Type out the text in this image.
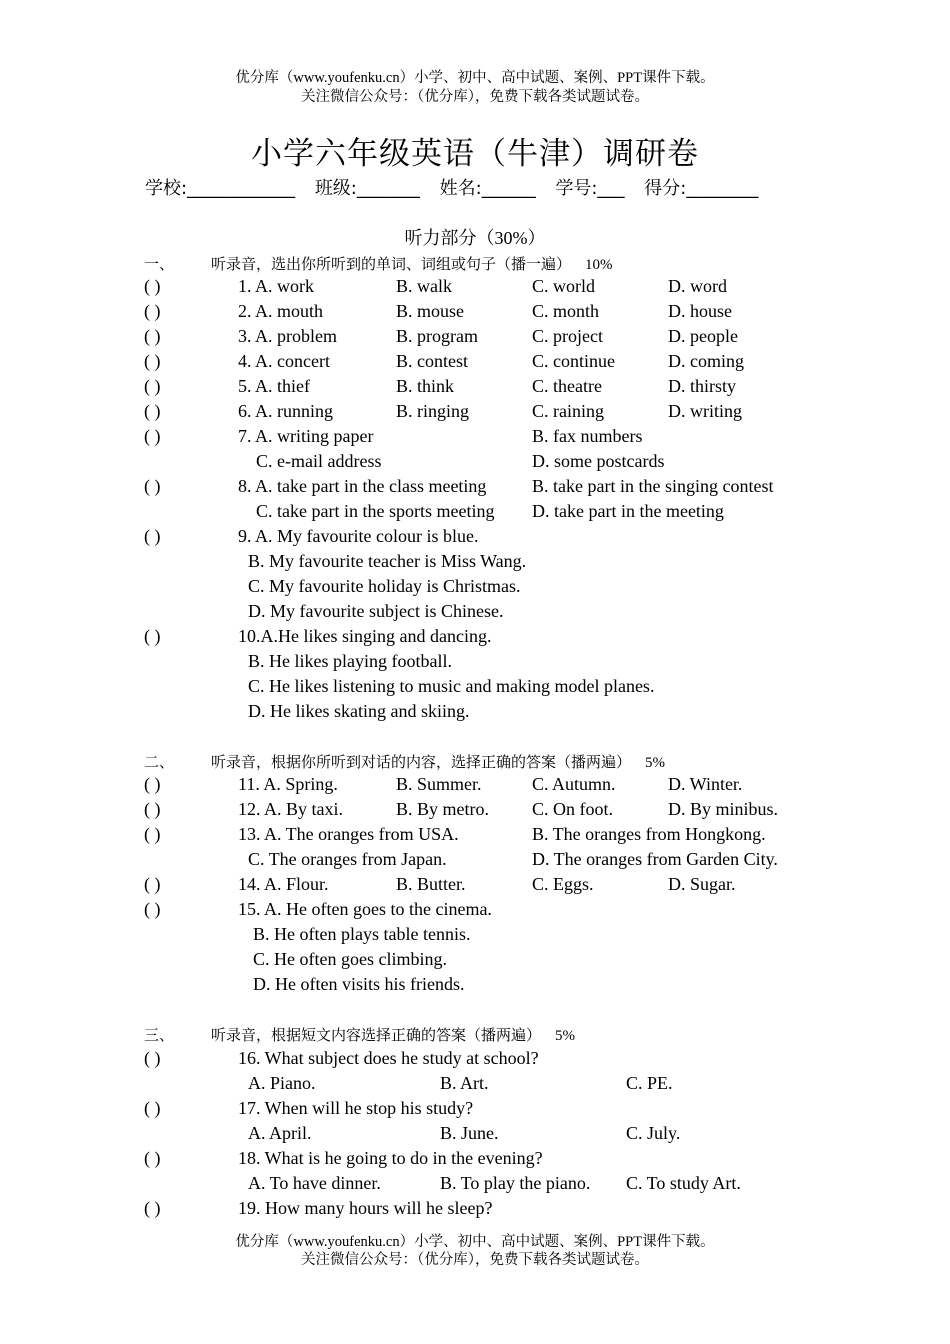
优分库（www.youfenku.cn）小学、初中、高中试题、案例、PPT课件下载。
关注微信公众号：（优分库），免费下载各类试题试卷。
小学六年级英语（牛津）调研卷
学校:____________ 班级:_______ 姓名:______ 学号:___ 得分:________
听力部分（30%）
一、 听录音，选出你所听到的单词、词组或句子（播一遍） 10%
( )	1. A. work	B. walk	C. world	D. word
( )	2. A. mouth	B. mouse	C. month	D. house
( )	3. A. problem	B. program	C. project	D. people
( )	4. A. concert	B. contest	C. continue	D. coming
( )	5. A. thief	B. think	C. theatre	D. thirsty
( )	6. A. running	B. ringing	C. raining	D. writing
( )	7. A. writing paper	B. fax numbers
C. e-mail address	D. some postcards
( )	8. A. take part in the class meeting	B. take part in the singing contest
C. take part in the sports meeting D. take part in the meeting
( )	9. A. My favourite colour is blue.
B. My favourite teacher is Miss Wang.
C. My favourite holiday is Christmas.
D. My favourite subject is Chinese.
( )	10.A.He likes singing and dancing.
B. He likes playing football.
C. He likes listening to music and making model planes.
D. He likes skating and skiing.
二、 听录音，根据你所听到对话的内容，选择正确的答案（播两遍） 5%
( )	11. A. Spring.	B. Summer.	C. Autumn.	D. Winter.
( )	12. A. By taxi.	B. By metro. C. On foot.	D. By minibus.
( )	13. A. The oranges from USA.	B. The oranges from Hongkong.
C. The oranges from Japan.	D. The oranges from Garden City.
( )	14. A. Flour.	B. Butter.	C. Eggs.	D. Sugar.
( )	15. A. He often goes to the cinema.
B. He often plays table tennis.
C. He often goes climbing.
D. He often visits his friends.
三、 听录音，根据短文内容选择正确的答案（播两遍） 5%
( )	16. What subject does he study at school?
A. Piano.	B. Art.	C. PE.
( )	17. When will he stop his study?
A. April.	B. June.	C. July.
( )	18. What is he going to do in the evening?
A. To have dinner.	B. To play the piano. C. To study Art.
( )	19. How many hours will he sleep?
优分库（www.youfenku.cn）小学、初中、高中试题、案例、PPT课件下载。
关注微信公众号：（优分库），免费下载各类试题试卷。
